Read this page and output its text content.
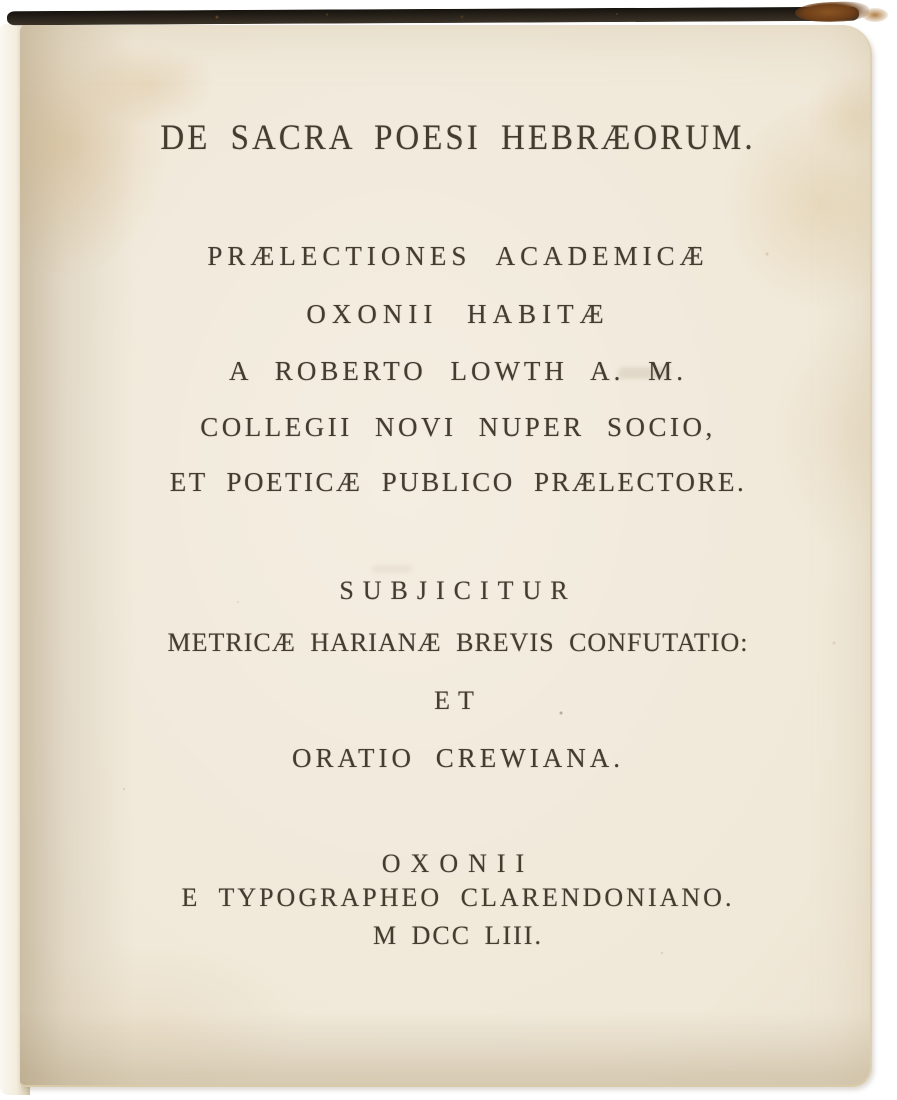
DE SACRA POESI HEBRÆORUM.
PRÆLECTIONES ACADEMICÆ
OXONII HABITÆ
A ROBERTO LOWTH A. M.
COLLEGII NOVI NUPER SOCIO,
ET POETICÆ PUBLICO PRÆLECTORE.
SUBJICITUR
METRICÆ HARIANÆ BREVIS CONFUTATIO:
ET
ORATIO CREWIANA.
OXONII
E TYPOGRAPHEO CLARENDONIANO.
M DCC LIII.
